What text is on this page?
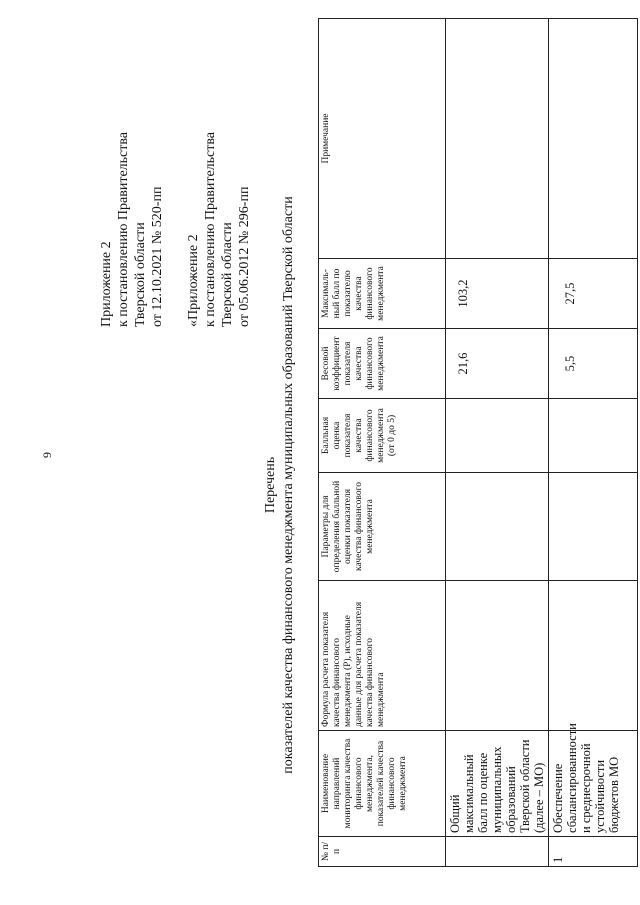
9
Приложение 2 к постановлению Правительства Тверской области от 12.10.2021 № 520-пп «Приложение 2 к постановлению Правительства Тверской области от 05.06.2012 № 296-пп
Перечень показателей качества финансового менеджмента муниципальных образований Тверской области
№ п/п	Наименование направлений мониторинга качества финансового менеджмента, показателей качества финансового менеджмента	Формула расчета показателя качества финансового менеджмента (P), исходные данные для расчета показателя качества финансового менеджмента	Параметры для определения балльной оценки показателя качества финансового менеджмента	Балльная оценка показателя качества финансового менеджмента (от 0 до 5)	Весовой коэффициент показателя качества финансового менеджмента	Максималь-ный балл по показателю качества финансового менеджмента	Примечание
	Общий максимальный балл по оценке муниципальных образований Тверской области (далее – МО)				21,6	103,2	
1	Обеспечение сбалансированности и среднесрочной устойчивости бюджетов МО				5,5	27,5	
